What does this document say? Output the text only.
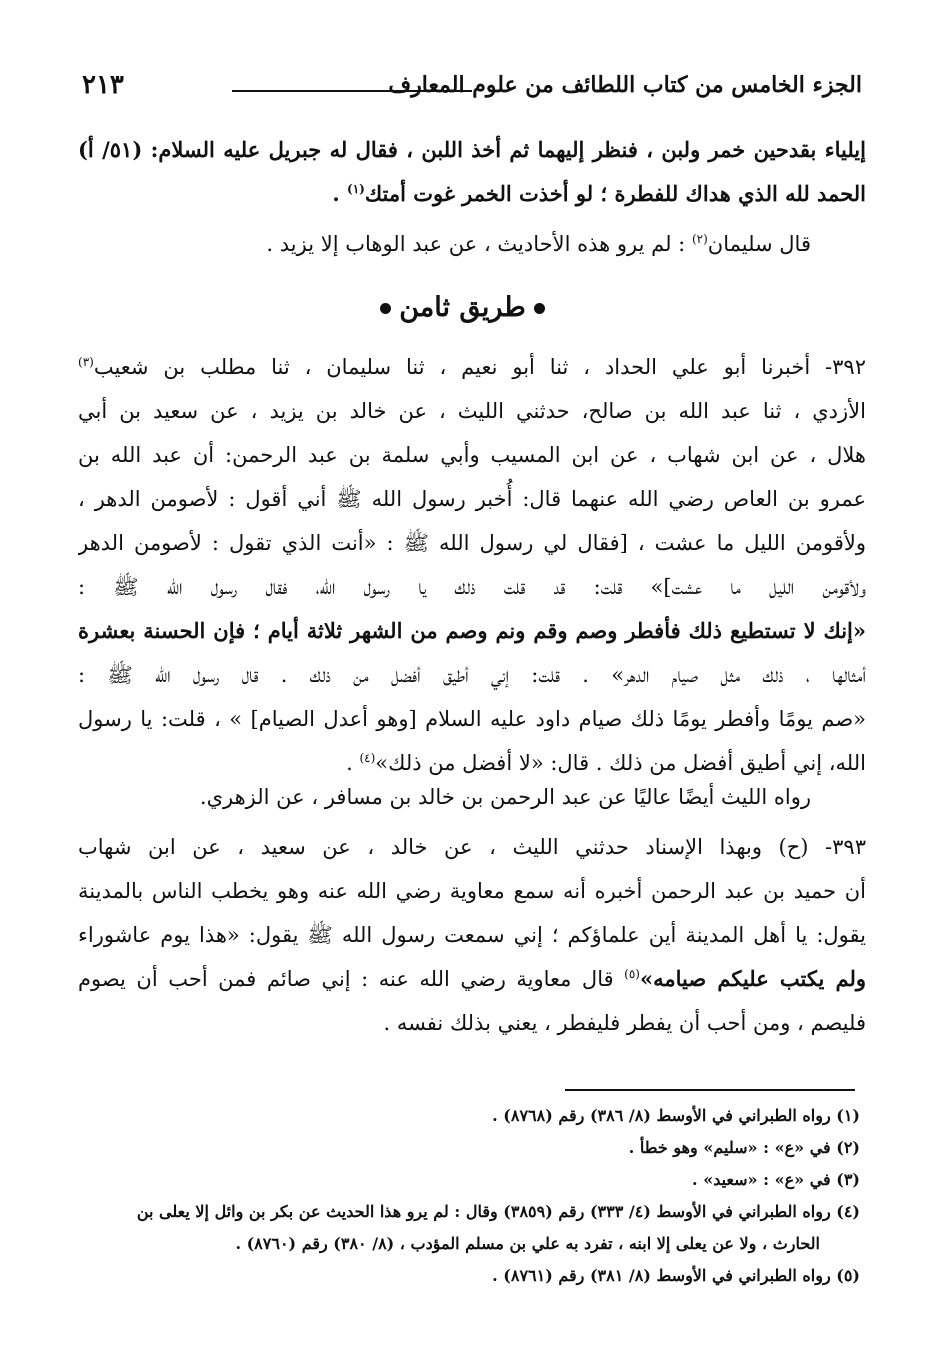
الجزء الخامس من كتاب اللطائف من علوم المعارف
٢١٣
إيلياء بقدحين خمر ولبن ، فنظر إليهما ثم أخذ اللبن ، فقال له جبريل عليه السلام: (٥١/ أ)
الحمد لله الذي هداك للفطرة ؛ لو أخذت الخمر غوت أمتك$^{(١)}$ .
قال سليمان$^{(٢)}$ : لم يرو هذه الأحاديث ، عن عبد الوهاب إلا يزيد .
طريق ثامن
٣٩٢- أخبرنا أبو علي الحداد ، ثنا أبو نعيم ، ثنا سليمان ، ثنا مطلب بن شعيب$^{(٣)}$
الأزدي ، ثنا عبد الله بن صالح، حدثني الليث ، عن خالد بن يزيد ، عن سعيد بن أبي
هلال ، عن ابن شهاب ، عن ابن المسيب وأبي سلمة بن عبد الرحمن: أن عبد الله بن
عمرو بن العاص رضي الله عنهما قال: أُخبر رسول الله ﷺ أني أقول : لأصومن الدهر ،
ولأقومن الليل ما عشت ، [فقال لي رسول الله ﷺ : «أنت الذي تقول : لأصومن الدهر
ولأقومن الليل ما عشت]» قلت: قد قلت ذلك يا رسول الله، فقال رسول الله ﷺ :
«إنك لا تستطيع ذلك فأفطر وصم وقم ونم وصم من الشهر ثلاثة أيام ؛ فإن الحسنة بعشرة
أمثالها ، ذلك مثل صيام الدهر» . قلت: إني أطيق أفضل من ذلك . قال رسول الله ﷺ :
«صم يومًا وأفطر يومًا ذلك صيام داود عليه السلام [وهو أعدل الصيام] » ، قلت: يا رسول
الله، إني أطيق أفضل من ذلك . قال: «لا أفضل من ذلك»$^{(٤)}$ .
رواه الليث أيضًا عاليًا عن عبد الرحمن بن خالد بن مسافر ، عن الزهري.
٣٩٣- (ح) وبهذا الإسناد حدثني الليث ، عن خالد ، عن سعيد ، عن ابن شهاب
أن حميد بن عبد الرحمن أخبره أنه سمع معاوية رضي الله عنه وهو يخطب الناس بالمدينة
يقول: يا أهل المدينة أين علماؤكم ؛ إني سمعت رسول الله ﷺ يقول: «هذا يوم عاشوراء
ولم يكتب عليكم صيامه»$^{(٥)}$ قال معاوية رضي الله عنه : إني صائم فمن أحب أن يصوم
فليصم ، ومن أحب أن يفطر فليفطر ، يعني بذلك نفسه .
(١) رواه الطبراني في الأوسط (٨/ ٣٨٦) رقم (٨٧٦٨) .
(٢) في «ع» : «سليم» وهو خطأ .
(٣) في «ع» : «سعيد» .
(٤) رواه الطبراني في الأوسط (٤/ ٣٣٣) رقم (٣٨٥٩) وقال : لم يرو هذا الحديث عن بكر بن وائل إلا يعلى بن
الحارث ، ولا عن يعلى إلا ابنه ، تفرد به علي بن مسلم المؤدب ، (٨/ ٣٨٠) رقم (٨٧٦٠) .
(٥) رواه الطبراني في الأوسط (٨/ ٣٨١) رقم (٨٧٦١) .
